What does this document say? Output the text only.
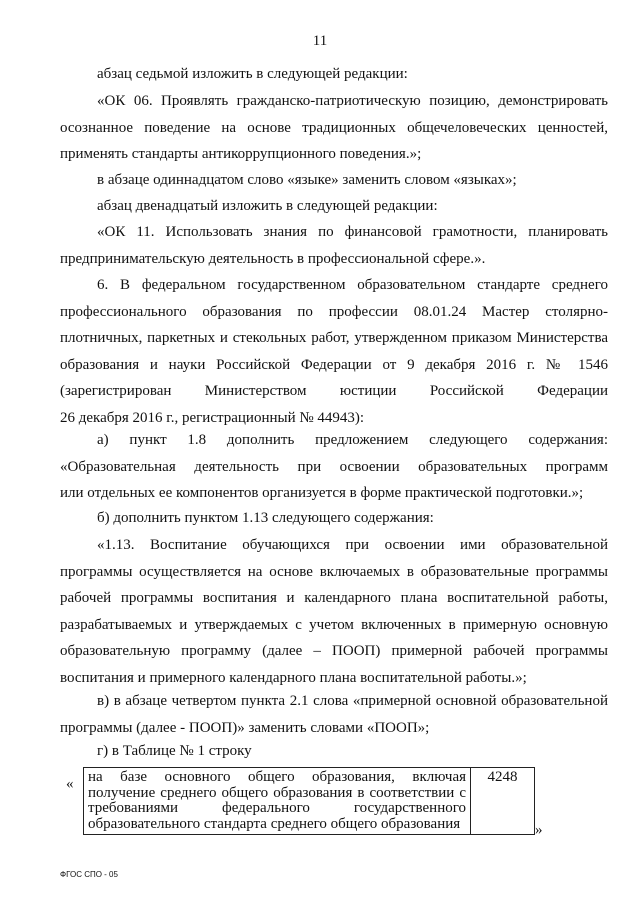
11
абзац седьмой изложить в следующей редакции:
«ОК 06. Проявлять гражданско-патриотическую позицию, демонстрировать
осознанное поведение на основе традиционных общечеловеческих ценностей,
применять стандарты антикоррупционного поведения.»;
в абзаце одиннадцатом слово «языке» заменить словом «языках»;
абзац двенадцатый изложить в следующей редакции:
«ОК 11. Использовать знания по финансовой грамотности, планировать
предпринимательскую деятельность в профессиональной сфере.».
6. В федеральном государственном образовательном стандарте среднего
профессионального образования по профессии 08.01.24 Мастер столярно-
плотничных, паркетных и стекольных работ, утвержденном приказом Министерства
образования и науки Российской Федерации от 9 декабря 2016 г. № 1546
(зарегистрирован Министерством юстиции Российской Федерации
26 декабря 2016 г., регистрационный № 44943):
а) пункт 1.8 дополнить предложением следующего содержания:
«Образовательная деятельность при освоении образовательных программ
или отдельных ее компонентов организуется в форме практической подготовки.»;
б) дополнить пунктом 1.13 следующего содержания:
«1.13. Воспитание обучающихся при освоении ими образовательной
программы осуществляется на основе включаемых в образовательные программы
рабочей программы воспитания и календарного плана воспитательной работы,
разрабатываемых и утверждаемых с учетом включенных в примерную основную
образовательную программу (далее – ПООП) примерной рабочей программы
воспитания и примерного календарного плана воспитательной работы.»;
в) в абзаце четвертом пункта 2.1 слова «примерной основной образовательной
программы (далее - ПООП)» заменить словами «ПООП»;
г) в Таблице № 1 строку
« на базе основного общего образования, включая
получение среднего общего образования в соответствии с
требованиями федерального государственного
образовательного стандарта среднего общего образования
	4248
»
ФГОС СПО - 05
